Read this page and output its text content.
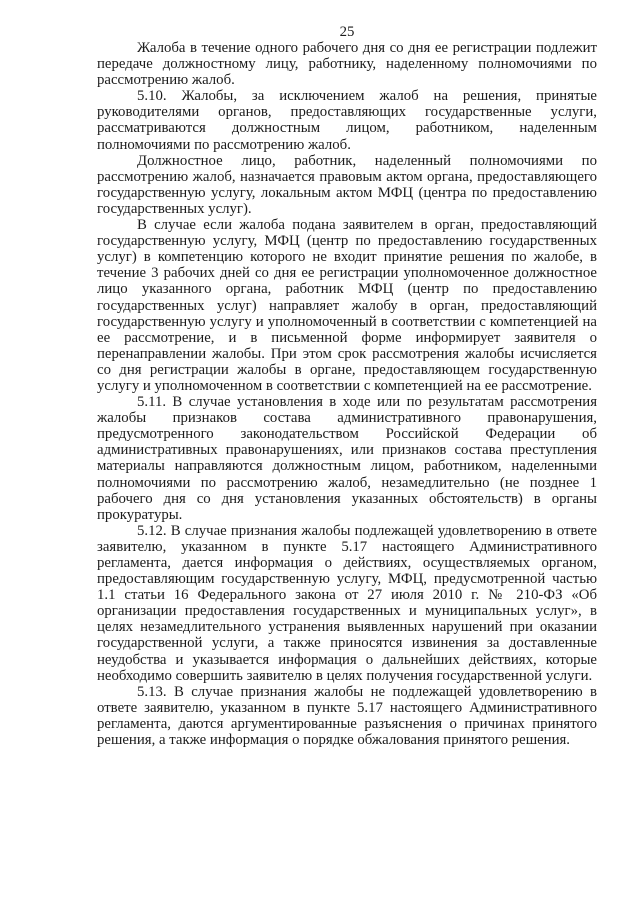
25

Жалоба в течение одного рабочего дня со дня ее регистрации подлежит передаче должностному лицу, работнику, наделенному полномочиями по рассмотрению жалоб.

5.10. Жалобы, за исключением жалоб на решения, принятые руководителями органов, предоставляющих государственные услуги, рассматриваются должностным лицом, работником, наделенным полномочиями по рассмотрению жалоб.

Должностное лицо, работник, наделенный полномочиями по рассмотрению жалоб, назначается правовым актом органа, предоставляющего государственную услугу, локальным актом МФЦ (центра по предоставлению государственных услуг).

В случае если жалоба подана заявителем в орган, предоставляющий государственную услугу, МФЦ (центр по предоставлению государственных услуг) в компетенцию которого не входит принятие решения по жалобе, в течение 3 рабочих дней со дня ее регистрации уполномоченное должностное лицо указанного органа, работник МФЦ (центр по предоставлению государственных услуг) направляет жалобу в орган, предоставляющий государственную услугу и уполномоченный в соответствии с компетенцией на ее рассмотрение, и в письменной форме информирует заявителя о перенаправлении жалобы. При этом срок рассмотрения жалобы исчисляется со дня регистрации жалобы в органе, предоставляющем государственную услугу и уполномоченном в соответствии с компетенцией на ее рассмотрение.

5.11. В случае установления в ходе или по результатам рассмотрения жалобы признаков состава административного правонарушения, предусмотренного законодательством Российской Федерации об административных правонарушениях, или признаков состава преступления материалы направляются должностным лицом, работником, наделенными полномочиями по рассмотрению жалоб, незамедлительно (не позднее 1 рабочего дня со дня установления указанных обстоятельств) в органы прокуратуры.

5.12. В случае признания жалобы подлежащей удовлетворению в ответе заявителю, указанном в пункте 5.17 настоящего Административного регламента, дается информация о действиях, осуществляемых органом, предоставляющим государственную услугу, МФЦ, предусмотренной частью 1.1 статьи 16 Федерального закона от 27 июля 2010 г. № 210-ФЗ «Об организации предоставления государственных и муниципальных услуг», в целях незамедлительного устранения выявленных нарушений при оказании государственной услуги, а также приносятся извинения за доставленные неудобства и указывается информация о дальнейших действиях, которые необходимо совершить заявителю в целях получения государственной услуги.

5.13. В случае признания жалобы не подлежащей удовлетворению в ответе заявителю, указанном в пункте 5.17 настоящего Административного регламента, даются аргументированные разъяснения о причинах принятого решения, а также информация о порядке обжалования принятого решения.
